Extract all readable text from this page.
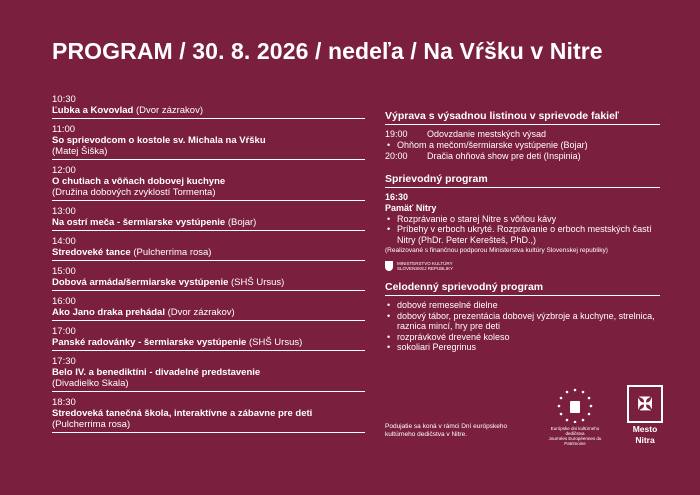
PROGRAM / 30. 8. 2026 / nedeľa / Na Vŕšku v Nitre
10:30
Ľubka a Kovovlad (Dvor zázrakov)
11:00
So sprievodcom o kostole sv. Michala na Vŕšku
(Matej Šiška)
12:00
O chutiach a vôňach dobovej kuchyne
(Družina dobových zvyklostí Tormenta)
13:00
Na ostrí meča - šermiarske vystúpenie (Bojar)
14:00
Stredoveké tance (Pulcherrima rosa)
15:00
Dobová armáda/šermiarske vystúpenie (SHŠ Ursus)
16:00
Ako Jano draka prehádal (Dvor zázrakov)
17:00
Panské radovánky - šermiarske vystúpenie (SHŠ Ursus)
17:30
Belo IV. a benediktíni - divadelné predstavenie
(Divadielko Skala)
18:30
Stredoveká tanečná škola, interaktívne a zábavne pre deti
(Pulcherrima rosa)
Výprava s výsadnou listinou v sprievode fakieľ
19:00	Odovzdanie mestských výsad
• Ohňom a mečom/šermiarske vystúpenie (Bojar)
20:00	Dračia ohňová show pre deti (Inspinia)
Sprievodný program
16:30
Pamäť Nitry
• Rozprávanie o starej Nitre s vôňou kávy
• Príbehy v erboch ukryté. Rozprávanie o erboch mestských častí Nitry (PhDr. Peter Kerešteš, PhD.,)
(Realizované s finančnou podporou Ministerstva kultúry Slovenskej republiky)
MINISTERSTVO KULTÚRY SLOVENSKEJ REPUBLIKY
Celodenný sprievodný program
• dobové remeselné dielne
• dobový tábor, prezentácia dobovej výzbroje a kuchyne, strelnica, raznica mincí, hry pre deti
• rozprávkové drevené koleso
• sokoliari Peregrinus
Podujatie sa koná v rámci Dní európskeho kultúrneho dedičstva v Nitre.
Európske dni kultúrneho dedičstva
Journées Européennes du Patrimoine
✠
Mesto
Nitra
